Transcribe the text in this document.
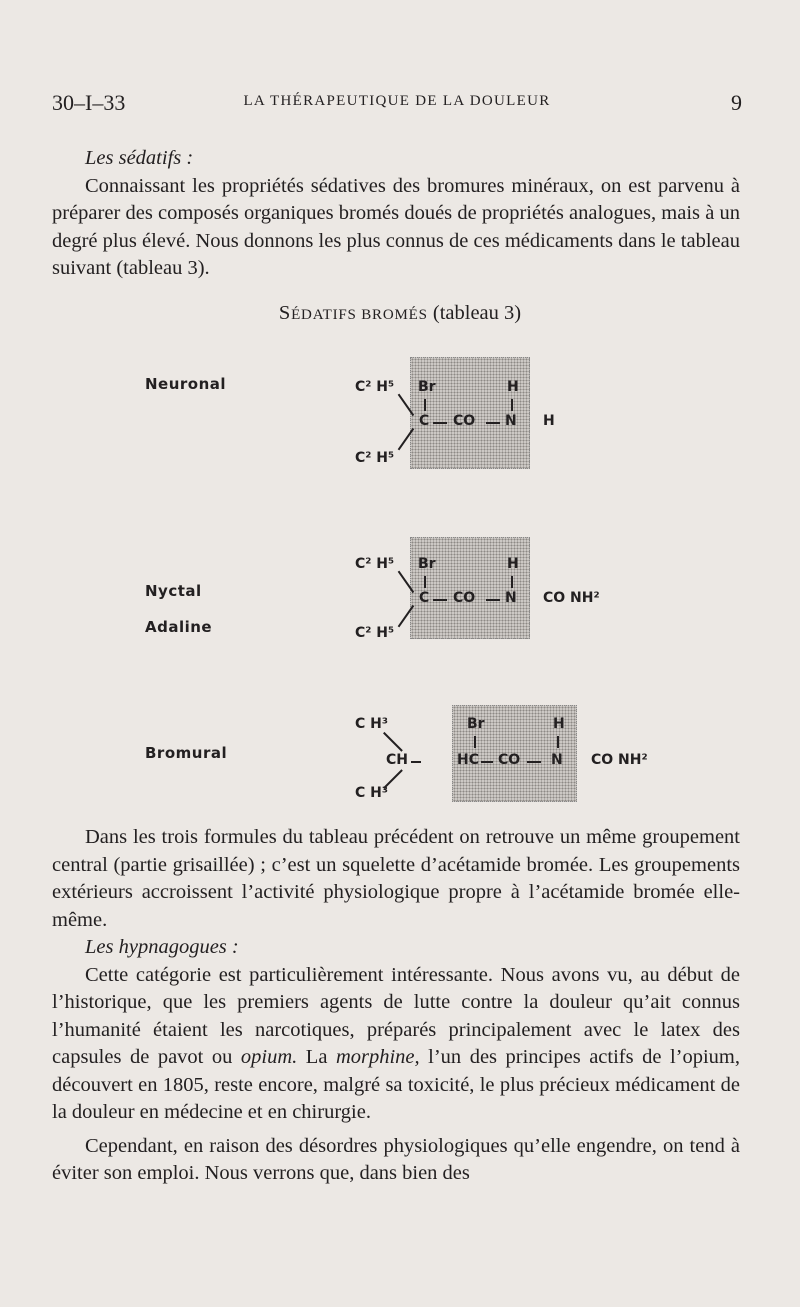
30–I–33	LA THÉRAPEUTIQUE DE LA DOULEUR	9

Les sédatifs :

Connaissant les propriétés sédatives des bromures minéraux, on est parvenu à préparer des composés organiques bromés doués de propriétés analogues, mais à un degré plus élevé. Nous donnons les plus connus de ces médicaments dans le tableau suivant (tableau 3).

SÉDATIFS BROMÉS (tableau 3)
Neuronal	C² H⁵ Br	H
C CO N H
C² H⁵
Nyctal
Adaline
C² H⁵ Br	H
C CO N CO NH²
C² H⁵
Bromural
C H³	Br	H
CH	HC CO N CO NH²
C H³

Dans les trois formules du tableau précédent on retrouve un même groupement central (partie grisaillée) ; c’est un squelette d’acétamide bromée. Les groupements extérieurs accroissent l’activité physiologique propre à l’acétamide bromée elle-même.

Les hypnagogues :

Cette catégorie est particulièrement intéressante. Nous avons vu, au début de l’historique, que les premiers agents de lutte contre la douleur qu’ait connus l’humanité étaient les narcotiques, préparés principalement avec le latex des capsules de pavot ou opium. La morphine, l’un des principes actifs de l’opium, découvert en 1805, reste encore, malgré sa toxicité, le plus précieux médicament de la douleur en médecine et en chirurgie.

Cependant, en raison des désordres physiologiques qu’elle engendre, on tend à éviter son emploi. Nous verrons que, dans bien des
